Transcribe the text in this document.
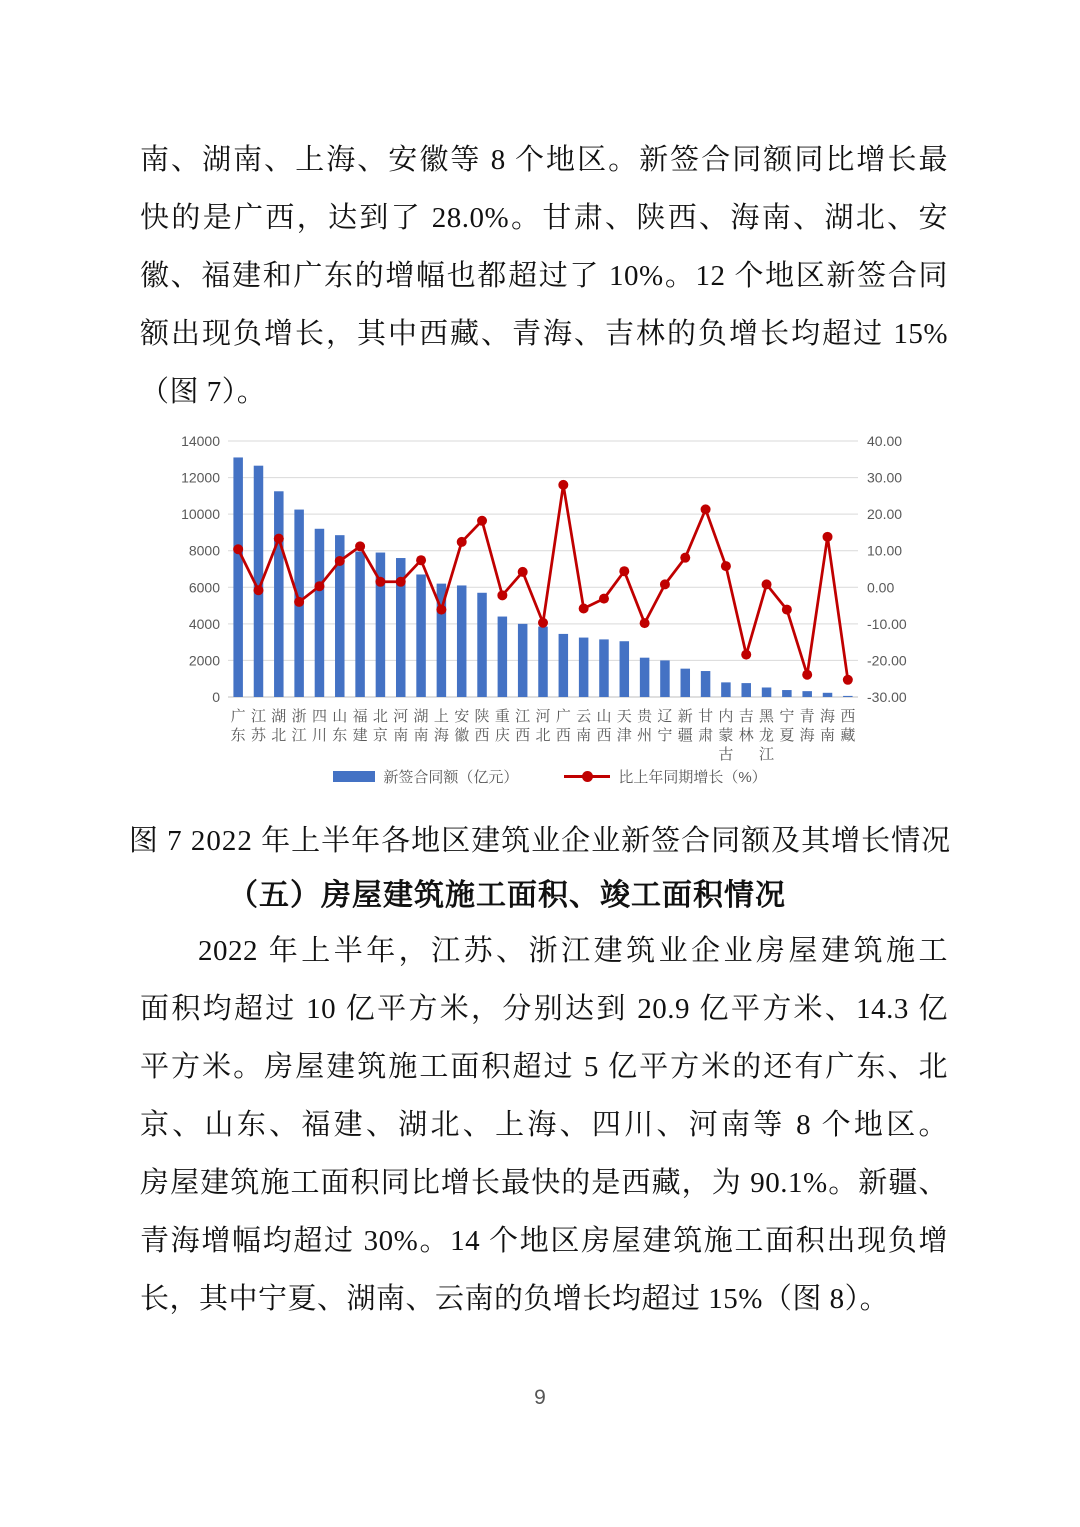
南、湖南、上海、安徽等 8 个地区。新签合同额同比增长最
快的是广西，达到了 28.0%。甘肃、陕西、海南、湖北、安
徽、福建和广东的增幅也都超过了 10%。12 个地区新签合同
额出现负增长，其中西藏、青海、吉林的负增长均超过 15%
（图 7）。
0	-30.00
2000	-20.00
4000	-10.00
6000	0.00
8000	10.00
10000	20.00
12000	30.00
14000	40.00
广东
江苏
湖北
浙江
四川
山东
福建
北京
河南
湖南
上海
安徽
陕西
重庆
江西
河北
广西
云南
山西
天津
贵州
辽宁
新疆
甘肃
内蒙古
吉林
黑龙江
宁夏
青海
海南
西藏
新签合同额（亿元）	比上年同期增长（%）
图 7 2022 年上半年各地区建筑业企业新签合同额及其增长情况
（五）房屋建筑施工面积、竣工面积情况
2022 年上半年，江苏、浙江建筑业企业房屋建筑施工
面积均超过 10 亿平方米，分别达到 20.9 亿平方米、14.3 亿
平方米。房屋建筑施工面积超过 5 亿平方米的还有广东、北
京、山东、福建、湖北、上海、四川、河南等 8 个地区。
房屋建筑施工面积同比增长最快的是西藏，为 90.1%。新疆、
青海增幅均超过 30%。14 个地区房屋建筑施工面积出现负增
长，其中宁夏、湖南、云南的负增长均超过 15%（图 8）。
9
